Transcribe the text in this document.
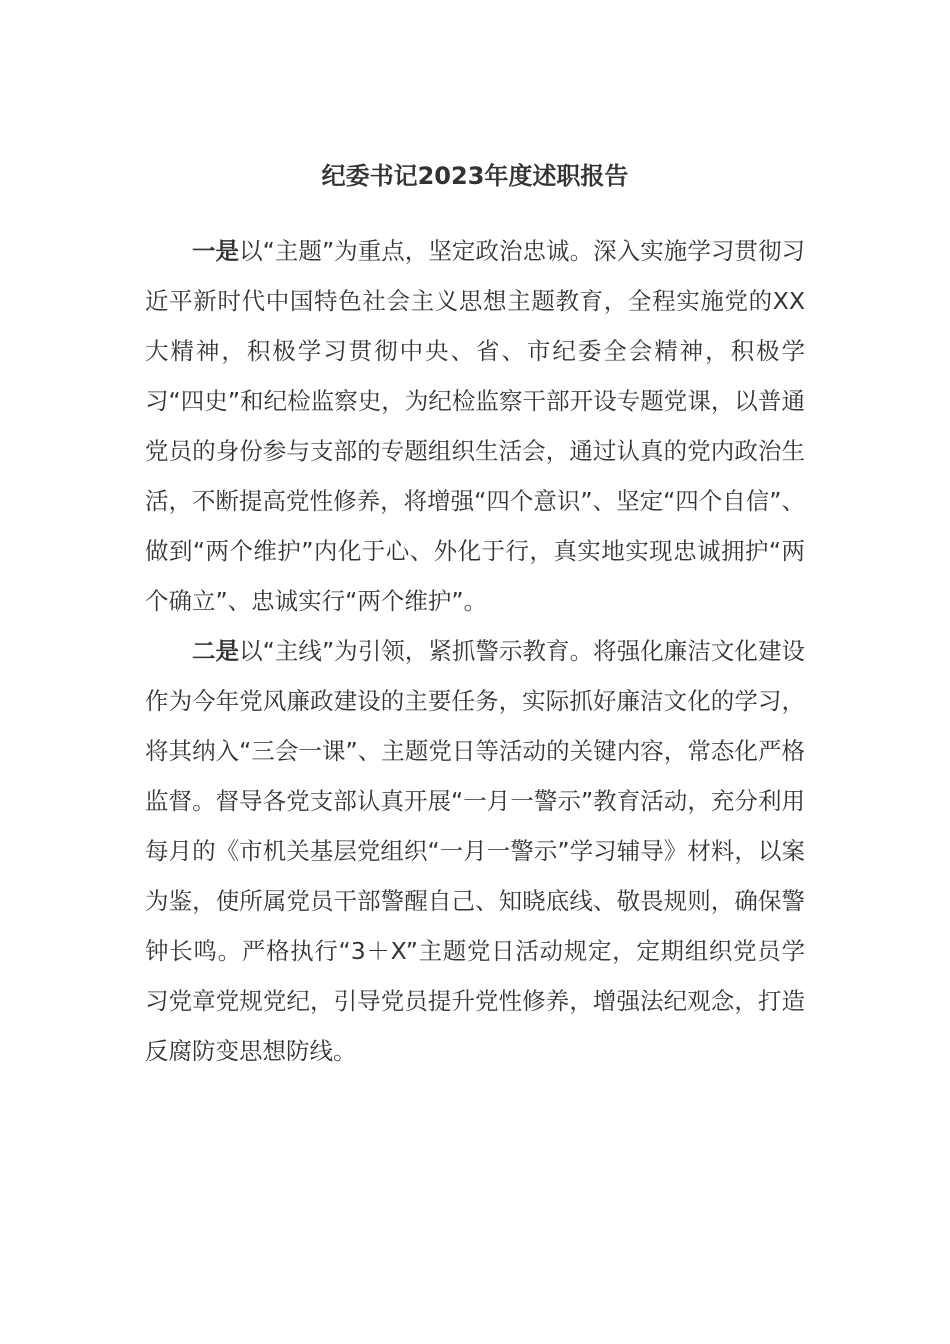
纪委书记2023年度述职报告

一是以“主题”为重点，坚定政治忠诚。深入实施学习贯彻习近平新时代中国特色社会主义思想主题教育，全程实施党的XX大精神，积极学习贯彻中央、省、市纪委全会精神，积极学习“四史”和纪检监察史，为纪检监察干部开设专题党课，以普通党员的身份参与支部的专题组织生活会，通过认真的党内政治生活，不断提高党性修养，将增强“四个意识”、坚定“四个自信”、做到“两个维护”内化于心、外化于行，真实地实现忠诚拥护“两个确立”、忠诚实行“两个维护”。

二是以“主线”为引领，紧抓警示教育。将强化廉洁文化建设作为今年党风廉政建设的主要任务，实际抓好廉洁文化的学习，将其纳入“三会一课”、主题党日等活动的关键内容，常态化严格监督。督导各党支部认真开展“一月一警示”教育活动，充分利用每月的《市机关基层党组织“一月一警示”学习辅导》材料，以案为鉴，使所属党员干部警醒自己、知晓底线、敬畏规则，确保警钟长鸣。严格执行“3＋X”主题党日活动规定，定期组织党员学习党章党规党纪，引导党员提升党性修养，增强法纪观念，打造反腐防变思想防线。
